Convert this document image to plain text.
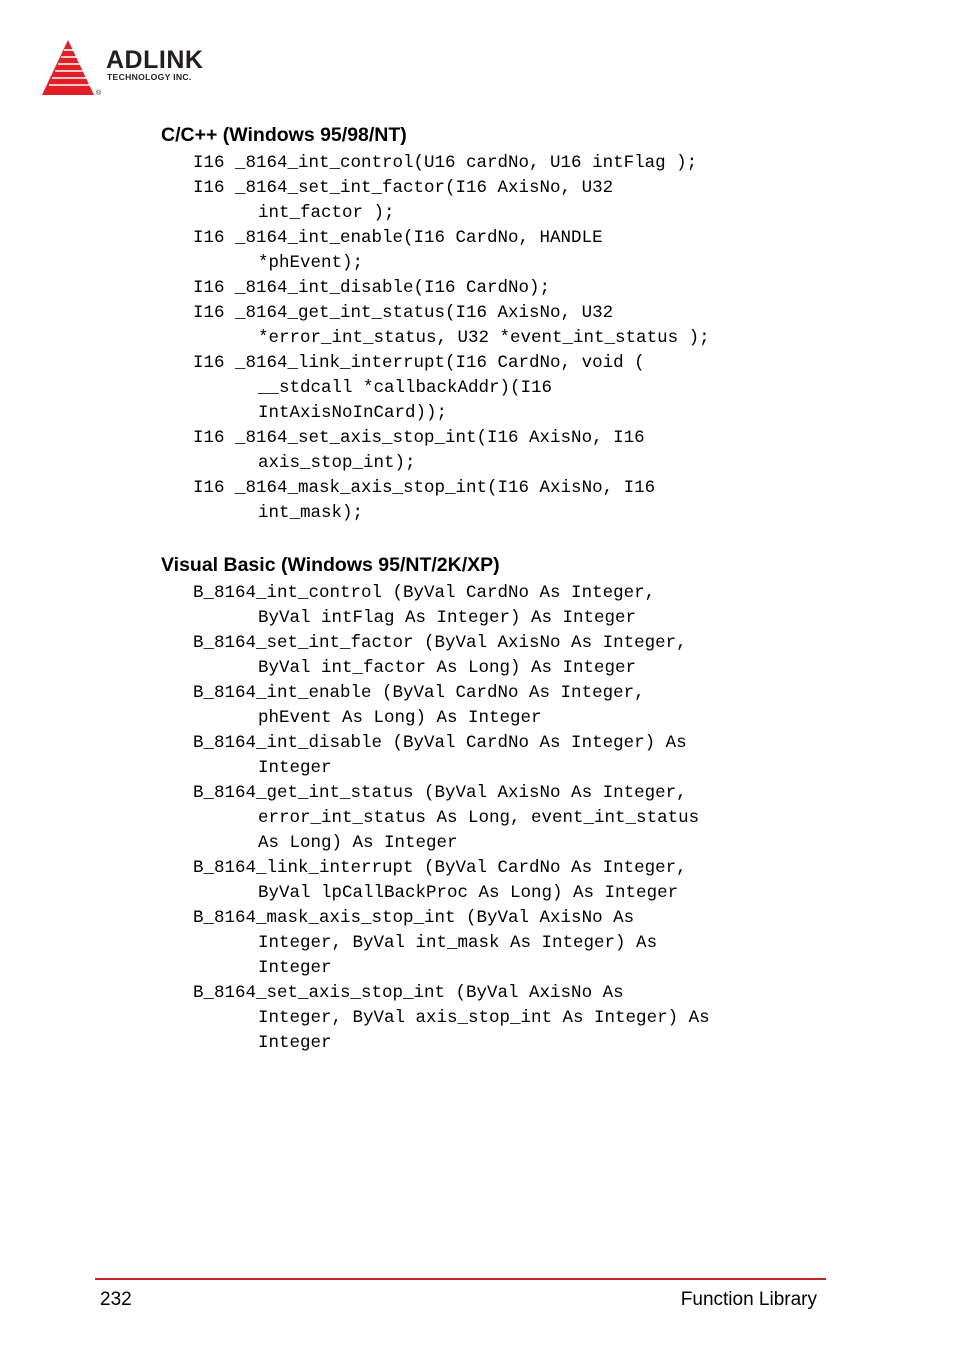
ADLINK
TECHNOLOGY INC.
®
C/C++ (Windows 95/98/NT)
I16 _8164_int_control(U16 cardNo, U16 intFlag );
I16 _8164_set_int_factor(I16 AxisNo, U32
int_factor );
I16 _8164_int_enable(I16 CardNo, HANDLE
*phEvent);
I16 _8164_int_disable(I16 CardNo);
I16 _8164_get_int_status(I16 AxisNo, U32
*error_int_status, U32 *event_int_status );
I16 _8164_link_interrupt(I16 CardNo, void (
__stdcall *callbackAddr)(I16
IntAxisNoInCard));
I16 _8164_set_axis_stop_int(I16 AxisNo, I16
axis_stop_int);
I16 _8164_mask_axis_stop_int(I16 AxisNo, I16
int_mask);
Visual Basic (Windows 95/NT/2K/XP)
B_8164_int_control (ByVal CardNo As Integer,
ByVal intFlag As Integer) As Integer
B_8164_set_int_factor (ByVal AxisNo As Integer,
ByVal int_factor As Long) As Integer
B_8164_int_enable (ByVal CardNo As Integer,
phEvent As Long) As Integer
B_8164_int_disable (ByVal CardNo As Integer) As
Integer
B_8164_get_int_status (ByVal AxisNo As Integer,
error_int_status As Long, event_int_status
As Long) As Integer
B_8164_link_interrupt (ByVal CardNo As Integer,
ByVal lpCallBackProc As Long) As Integer
B_8164_mask_axis_stop_int (ByVal AxisNo As
Integer, ByVal int_mask As Integer) As
Integer
B_8164_set_axis_stop_int (ByVal AxisNo As
Integer, ByVal axis_stop_int As Integer) As
Integer
232	Function Library
